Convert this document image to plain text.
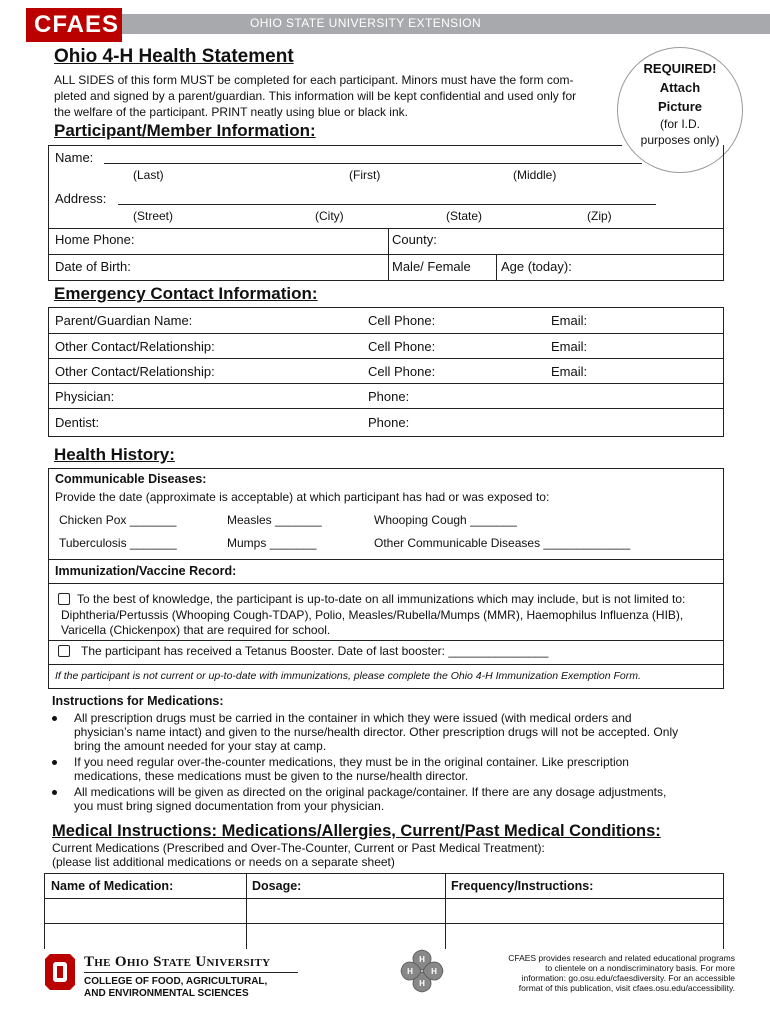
CFAES	OHIO STATE UNIVERSITY EXTENSION
Ohio 4-H Health Statement
ALL SIDES of this form MUST be completed for each participant. Minors must have the form com-
pleted and signed by a parent/guardian. This information will be kept confidential and used only for
the welfare of the participant. PRINT neatly using blue or black ink.
REQUIRED!
Attach
Picture
(for I.D.
purposes only)
Participant/Member Information:
Name:
(Last)	(First)	(Middle)
Address:
(Street)	(City)	(State)	(Zip)
Home Phone:	County:
Date of Birth:	Male/ Female Age (today):
Emergency Contact Information:
Parent/Guardian Name:	Cell Phone:	Email:
Other Contact/Relationship:	Cell Phone:	Email:
Other Contact/Relationship:	Cell Phone:	Email:
Physician:	Phone:
Dentist:	Phone:
Health History:
Communicable Diseases:
Provide the date (approximate is acceptable) at which participant has had or was exposed to:
Chicken Pox _______	Measles _______	Whooping Cough _______
Tuberculosis _______	Mumps _______	Other Communicable Diseases _____________
Immunization/Vaccine Record:
To the best of knowledge, the participant is up-to-date on all immunizations which may include, but is not limited to:
Diphtheria/Pertussis (Whooping Cough-TDAP), Polio, Measles/Rubella/Mumps (MMR), Haemophilus Influenza (HIB),
Varicella (Chickenpox) that are required for school.
The participant has received a Tetanus Booster. Date of last booster: _______________
If the participant is not current or up-to-date with immunizations, please complete the Ohio 4-H Immunization Exemption Form.
Instructions for Medications:
All prescription drugs must be carried in the container in which they were issued (with medical orders and
physician’s name intact) and given to the nurse/health director. Other prescription drugs will not be accepted. Only
bring the amount needed for your stay at camp.
If you need regular over-the-counter medications, they must be in the original container. Like prescription
medications, these medications must be given to the nurse/health director.
All medications will be given as directed on the original package/container. If there are any dosage adjustments,
you must bring signed documentation from your physician.
Medical Instructions: Medications/Allergies, Current/Past Medical Conditions:
Current Medications (Prescribed and Over-The-Counter, Current or Past Medical Treatment):
(please list additional medications or needs on a separate sheet)
Name of Medication:	Dosage:	Frequency/Instructions:
The Ohio State University
COLLEGE OF FOOD, AGRICULTURAL,
AND ENVIRONMENTAL SCIENCES
H
H
H H
CFAES provides research and related educational programs
to clientele on a nondiscriminatory basis. For more
information: go.osu.edu/cfaesdiversity. For an accessible
format of this publication, visit cfaes.osu.edu/accessibility.
